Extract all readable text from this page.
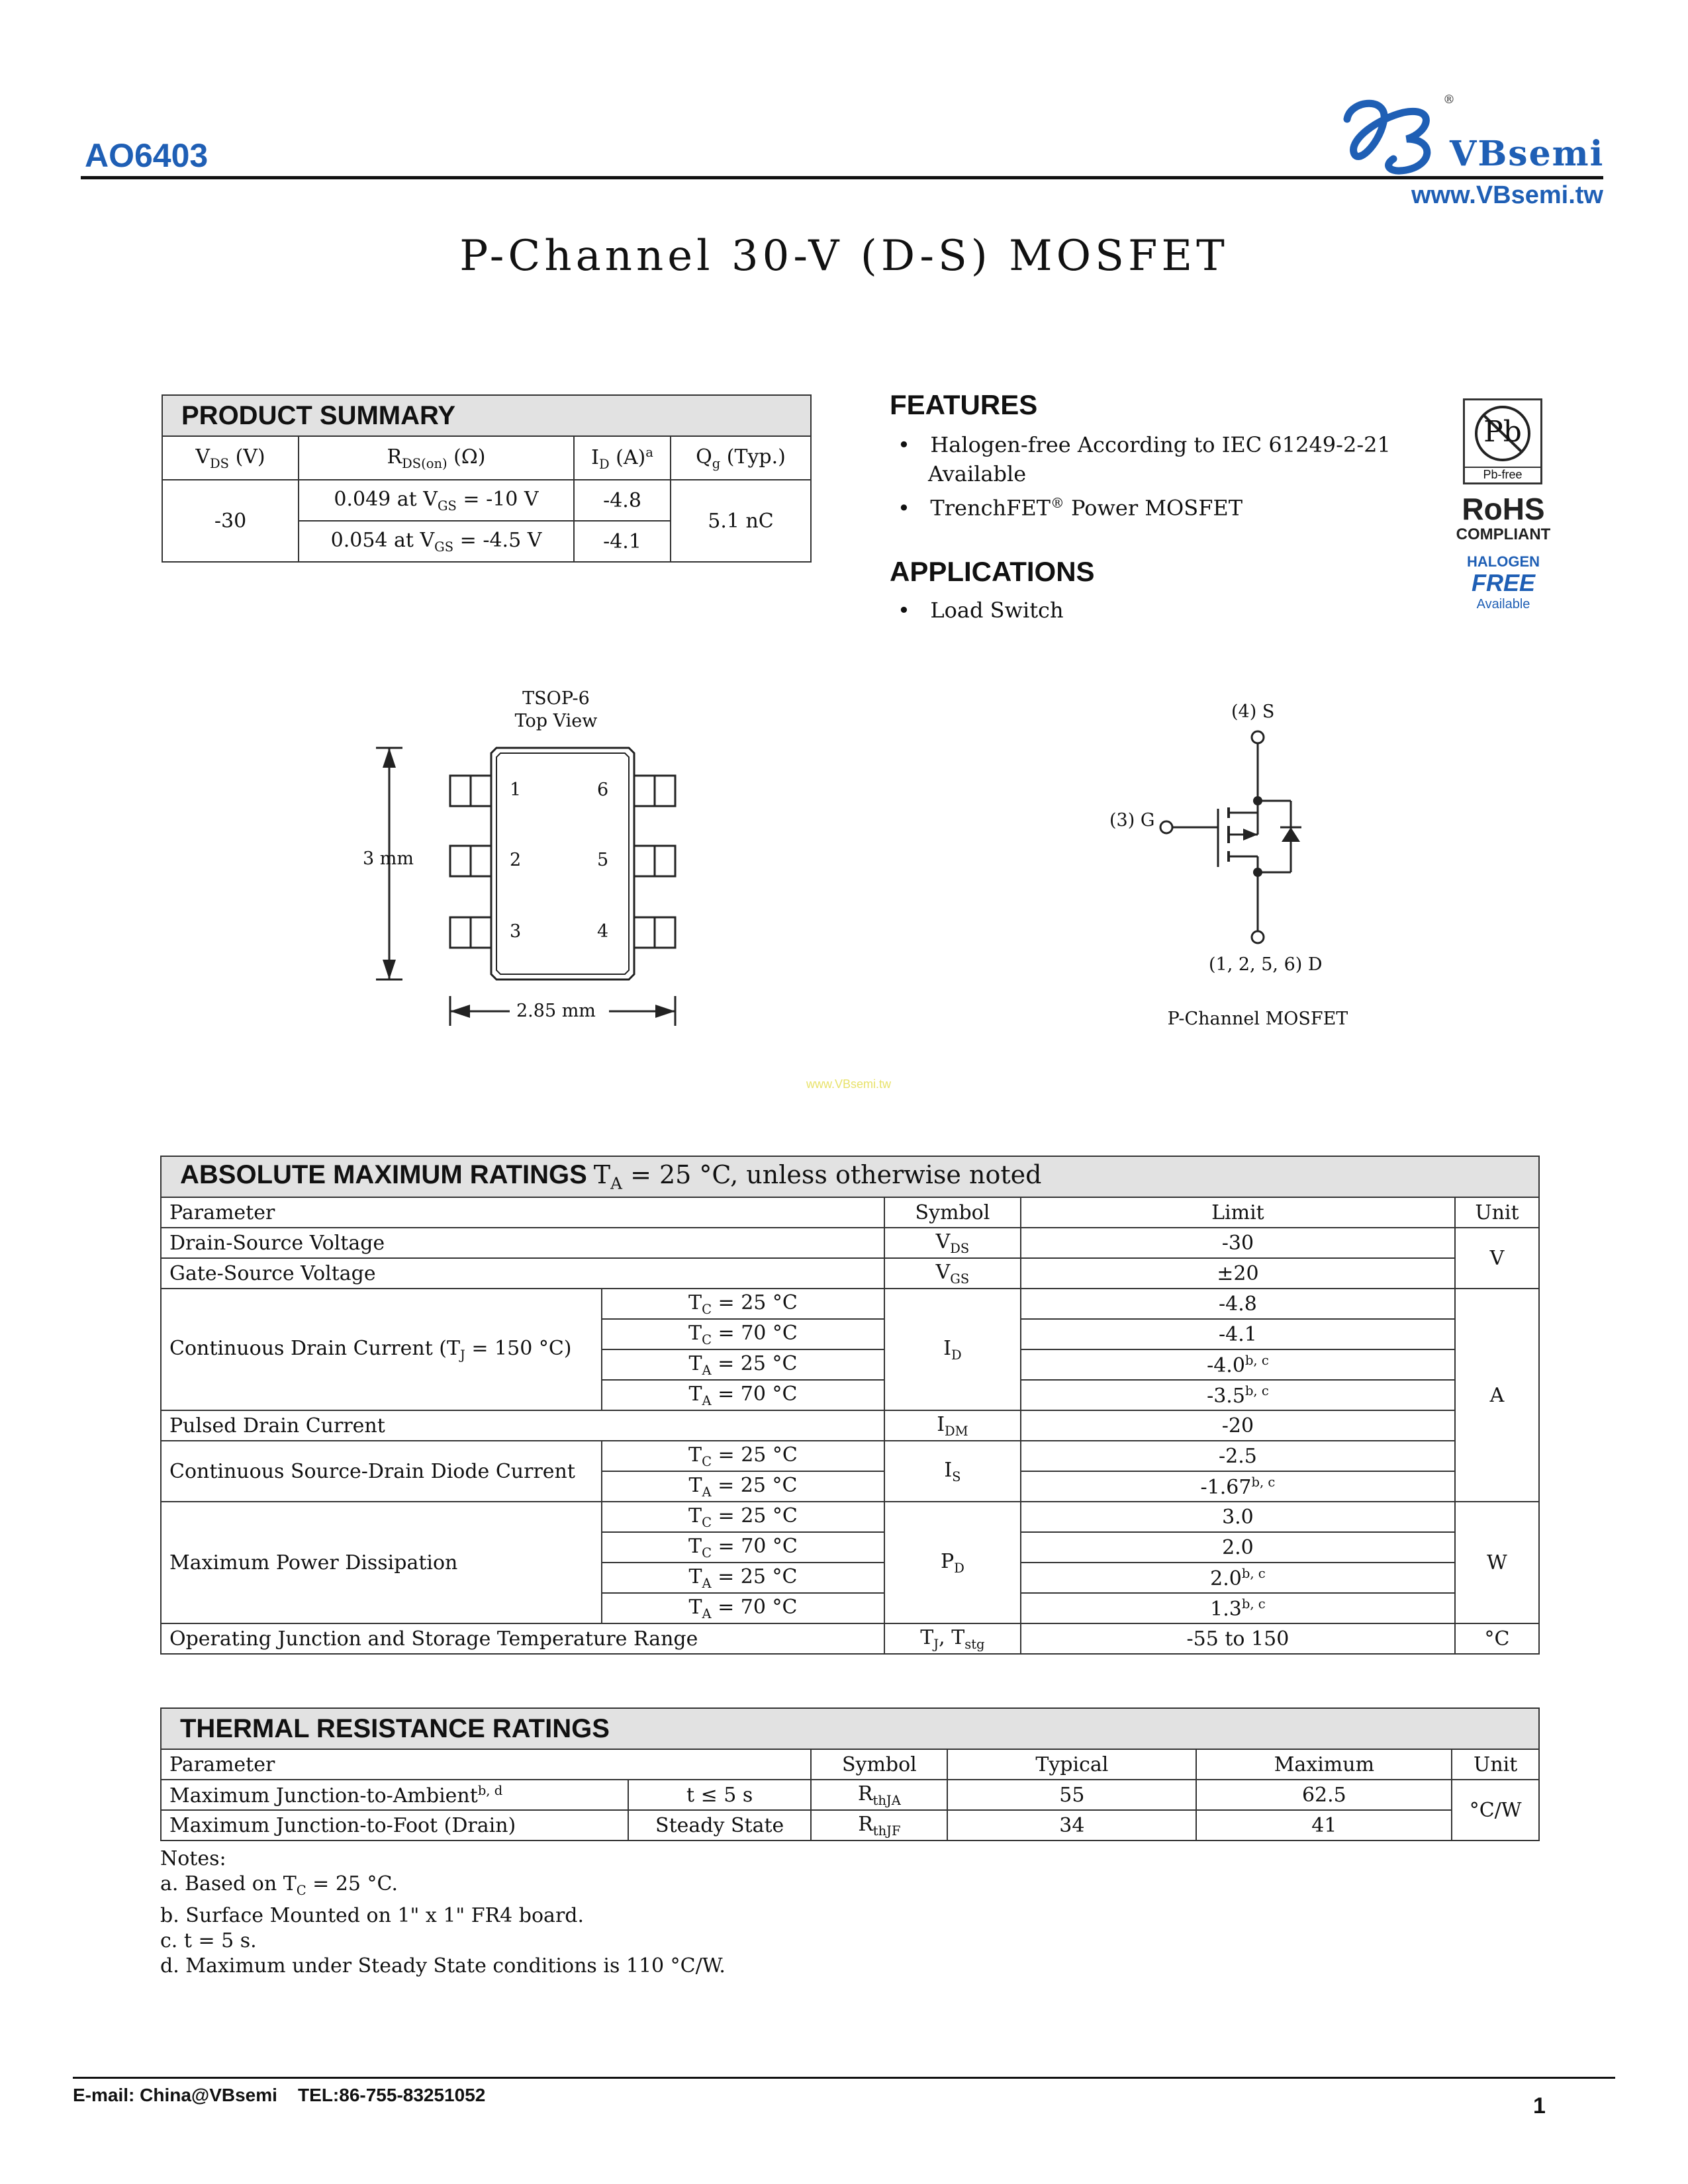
AO6403
®
VBsemi
www.VBsemi.tw
P-Channel 30-V (D-S) MOSFET
PRODUCT SUMMARY			
$V_{DS}$ (V)	$R_{DS(on)}$ (Ω)	$I_D$ $(A)^a$	$Q_g$ (Typ.)
-30	0.049 at $V_{GS} = -10$ V	-4.8	5.1 nC
	0.054 at $V_{GS} = -4.5$ V	-4.1	
FEATURES
•   Halogen-free According to IEC 61249-2-21
Available
•   TrenchFET® Power MOSFET
APPLICATIONS
•   Load Switch
Pb
Pb-free
RoHS
COMPLIANT
HALOGEN
FREE
Available
TSOP-6
Top View
1
2
3
6
5
4
3 mm
2.85 mm
(4) S
(3) G
(1, 2, 5, 6) D
P-Channel MOSFET
www.VBsemi.tw
ABSOLUTE MAXIMUM RATINGS $T_A = 25$ °C, unless otherwise noted				
Parameter		Symbol	Limit	Unit
Drain-Source Voltage		$V_{DS}$	-30	V
Gate-Source Voltage		$V_{GS}$	±20	
Continuous Drain Current ($T_J = 150$ °C)	$T_C = 25$ °C	$I_D$	-4.8	A
	$T_C = 70$ °C		-4.1	
	$T_A = 25$ °C		-4.0$^{b, c}$
	$T_A = 70$ °C		-3.5$^{b, c}$
Pulsed Drain Current		$I_{DM}$	-20	
Continuous Source-Drain Diode Current	$T_C = 25$ °C	$I_S$	-2.5	
	$T_A = 25$ °C		-1.67$^{b, c}$
Maximum Power Dissipation	$T_C = 25$ °C	$P_D$	3.0	W
	$T_C = 70$ °C		2.0	
	$T_A = 25$ °C		2.0$^{b, c}$
	$T_A = 70$ °C		1.3$^{b, c}$
Operating Junction and Storage Temperature Range		$T_J$, $T_{stg}$	-55 to 150	°C
THERMAL RESISTANCE RATINGS					
Parameter		Symbol	Typical	Maximum	Unit
Maximum Junction-to-Ambient$^{b, d}$	t ≤ 5 s	$R_{thJA}$	55	62.5	°C/W
Maximum Junction-to-Foot (Drain)	Steady State	$R_{thJF}$	34	41	
Notes:
a. Based on $T_C = 25$ °C.
b. Surface Mounted on 1" x 1" FR4 board.
c. t = 5 s.
d. Maximum under Steady State conditions is 110 °C/W.
E-mail: China@VBsemi    TEL:86-755-83251052	1
